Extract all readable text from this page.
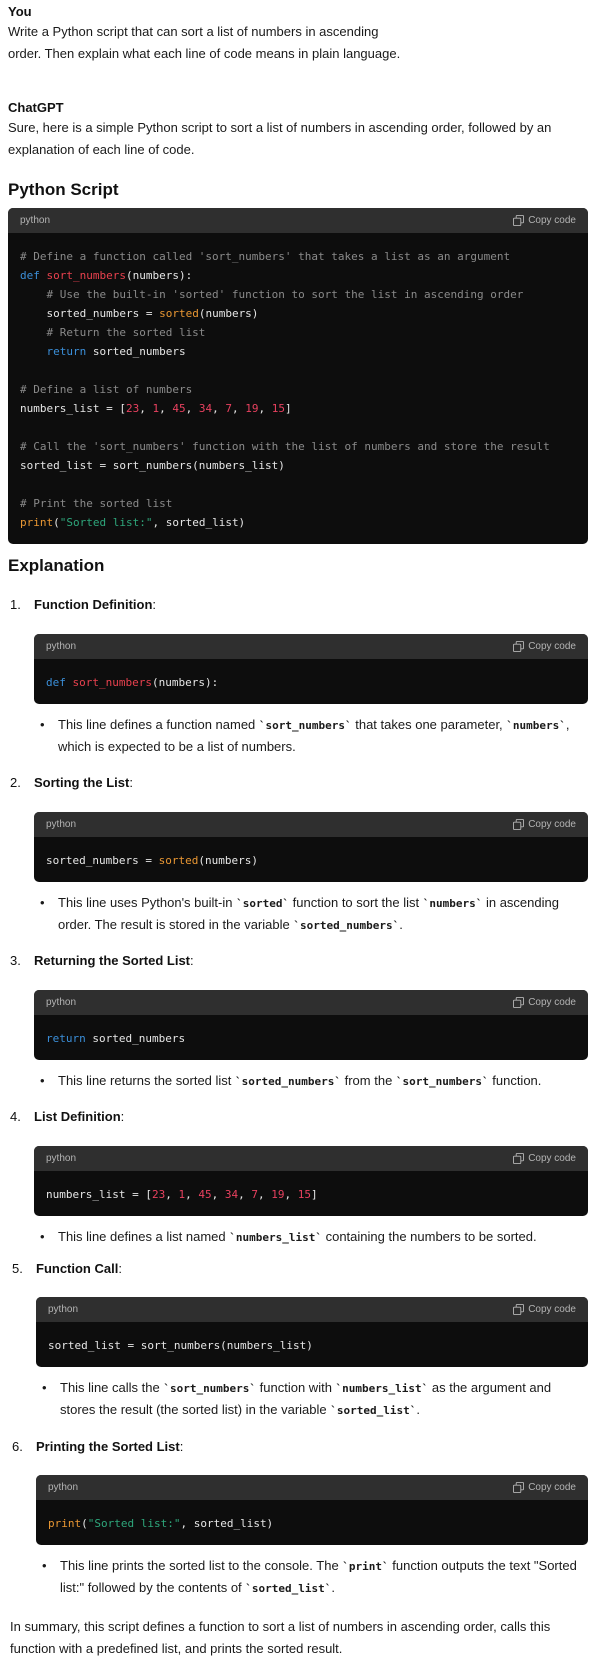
You
Write a Python script that can sort a list of numbers in ascending
order. Then explain what each line of code means in plain language.
ChatGPT
Sure, here is a simple Python script to sort a list of numbers in ascending order, followed by an
explanation of each line of code.
Python Script
python	Copy code
# Define a function called 'sort_numbers' that takes a list as an argument
def sort_numbers(numbers):
# Use the built-in 'sorted' function to sort the list in ascending order
sorted_numbers = sorted(numbers)
# Return the sorted list
return sorted_numbers
# Define a list of numbers
numbers_list = [23, 1, 45, 34, 7, 19, 15]
# Call the 'sort_numbers' function with the list of numbers and store the result
sorted_list = sort_numbers(numbers_list)
# Print the sorted list
print("Sorted list:", sorted_list)
Explanation
1. Function Definition:
python	Copy code
def sort_numbers(numbers):
• This line defines a function named `sort_numbers` that takes one parameter, `numbers`,
which is expected to be a list of numbers.
2. Sorting the List:
python	Copy code
sorted_numbers = sorted(numbers)
• This line uses Python's built-in `sorted` function to sort the list `numbers` in ascending
order. The result is stored in the variable `sorted_numbers`.
3. Returning the Sorted List:
python	Copy code
return sorted_numbers
• This line returns the sorted list `sorted_numbers` from the `sort_numbers` function.
4. List Definition:
python	Copy code
numbers_list = [23, 1, 45, 34, 7, 19, 15]
• This line defines a list named `numbers_list` containing the numbers to be sorted.
5. Function Call:
python	Copy code
sorted_list = sort_numbers(numbers_list)
• This line calls the `sort_numbers` function with `numbers_list` as the argument and
stores the result (the sorted list) in the variable `sorted_list`.
6. Printing the Sorted List:
python	Copy code
print("Sorted list:", sorted_list)
• This line prints the sorted list to the console. The `print` function outputs the text "Sorted
list:" followed by the contents of `sorted_list`.
In summary, this script defines a function to sort a list of numbers in ascending order, calls this
function with a predefined list, and prints the sorted result.
